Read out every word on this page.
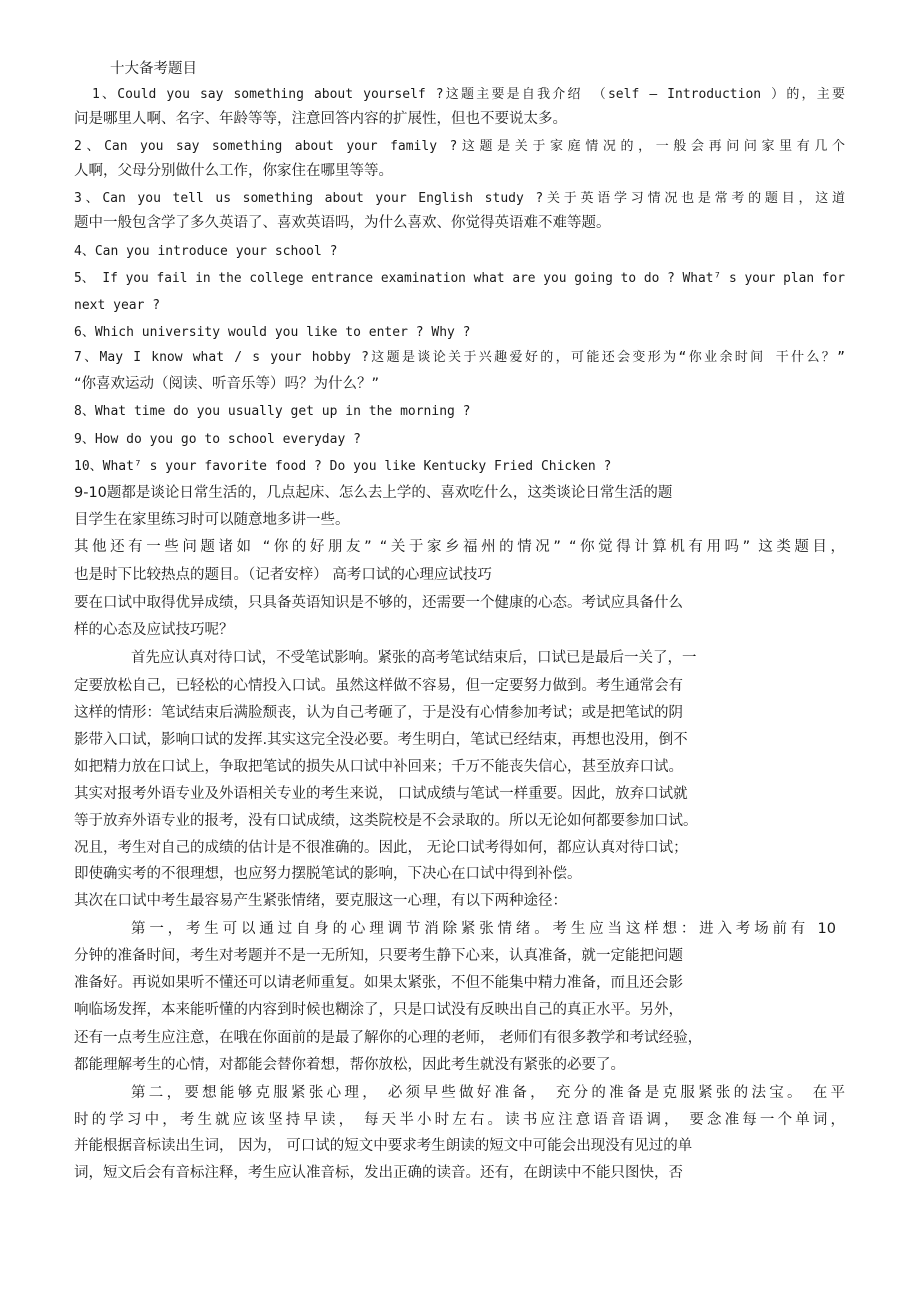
十大备考题目
1、Could you say something about yourself ?这题主要是自我介绍 （self — Introduction ）的，主要
问是哪里人啊、名字、年龄等等，注意回答内容的扩展性，但也不要说太多。
2、Can you say something about your family ?这题是关于家庭情况的，一般会再问问家里有几个
人啊，父母分别做什么工作，你家住在哪里等等。
3、Can you tell us something about your English study ?关于英语学习情况也是常考的题目，这道
题中一般包含学了多久英语了、喜欢英语吗，为什么喜欢、你觉得英语难不难等题。
4、Can you introduce your school ?
5、 If you fail in the college entrance examination what are you going to do ? What⁷ s your plan for
next year ?
6、Which university would you like to enter ? Why ?
7、May I know what / s your hobby ?这题是谈论关于兴趣爱好的，可能还会变形为“你业余时间 干什么？”
“你喜欢运动（阅读、听音乐等）吗？为什么？”
8、What time do you usually get up in the morning ?
9、How do you go to school everyday ?
10、What⁷ s your favorite food ? Do you like Kentucky Fried Chicken ?
9-10题都是谈论日常生活的，几点起床、怎么去上学的、喜欢吃什么，这类谈论日常生活的题
目学生在家里练习时可以随意地多讲一些。
其他还有一些问题诸如 “你的好朋友” “关于家乡福州的情况” “你觉得计算机有用吗” 这类题目，
也是时下比较热点的题目。（记者安梓） 高考口试的心理应试技巧
要在口试中取得优异成绩，只具备英语知识是不够的，还需要一个健康的心态。考试应具备什么
样的心态及应试技巧呢？
首先应认真对待口试，不受笔试影响。紧张的高考笔试结束后，口试已是最后一关了，一
定要放松自己，已轻松的心情投入口试。虽然这样做不容易，但一定要努力做到。考生通常会有
这样的情形：笔试结束后满脸颓丧，认为自己考砸了，于是没有心情参加考试；或是把笔试的阴
影带入口试，影响口试的发挥.其实这完全没必要。考生明白，笔试已经结束，再想也没用，倒不
如把精力放在口试上，争取把笔试的损失从口试中补回来；千万不能丧失信心，甚至放弃口试。
其实对报考外语专业及外语相关专业的考生来说， 口试成绩与笔试一样重要。因此，放弃口试就
等于放弃外语专业的报考，没有口试成绩，这类院校是不会录取的。所以无论如何都要参加口试。
况且，考生对自己的成绩的估计是不很准确的。因此， 无论口试考得如何，都应认真对待口试；
即使确实考的不很理想，也应努力摆脱笔试的影响，下决心在口试中得到补偿。
其次在口试中考生最容易产生紧张情绪，要克服这一心理，有以下两种途径：
第一，考生可以通过自身的心理调节消除紧张情绪。考生应当这样想：进入考场前有 10
分钟的准备时间，考生对考题并不是一无所知，只要考生静下心来，认真准备，就一定能把问题
准备好。再说如果听不懂还可以请老师重复。如果太紧张，不但不能集中精力准备，而且还会影
响临场发挥，本来能听懂的内容到时候也糊涂了，只是口试没有反映出自己的真正水平。另外，
还有一点考生应注意，在哦在你面前的是最了解你的心理的老师， 老师们有很多教学和考试经验，
都能理解考生的心情，对都能会替你着想，帮你放松，因此考生就没有紧张的必要了。
第二，要想能够克服紧张心理， 必须早些做好准备， 充分的准备是克服紧张的法宝。 在平
时的学习中，考生就应该坚持早读， 每天半小时左右。读书应注意语音语调， 要念准每一个单词，
并能根据音标读出生词， 因为， 可口试的短文中要求考生朗读的短文中可能会出现没有见过的单
词，短文后会有音标注释，考生应认准音标，发出正确的读音。还有，在朗读中不能只图快，否
